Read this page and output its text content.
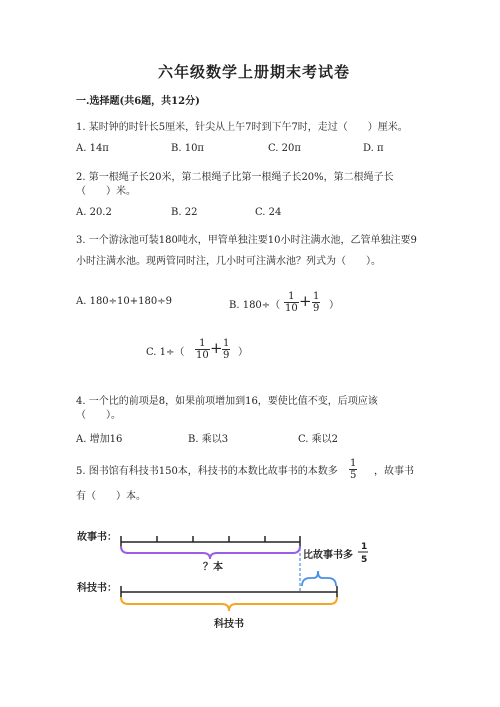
六年级数学上册期末考试卷
一.选择题(共6题，共12分)
1. 某时钟的时针长5厘米，针尖从上午7时到下午7时，走过（　　）厘米。
A. 14π	B. 10π	C. 20π	D. π
2. 第一根绳子长20米，第二根绳子比第一根绳子长20%，第二根绳子长
（　　）米。
A. 20.2	B. 22	C. 24
3. 一个游泳池可装180吨水，甲管单独注要10小时注满水池，乙管单独注要9
小时注满水池。现两管同时注，几小时可注满水池？列式为（　　）。
A. 180÷10+180÷9	B. $180\div( \frac{1}{10} + \frac{1}{9}$ ）
C. $1\div( \frac{1}{10} + \frac{1}{9}$ ）
4. 一个比的前项是8，如果前项增加到16，要使比值不变，后项应该
（　　）。
A. 增加16	B. 乘以3	C. 乘以2
5. 图书馆有科技书150本，科技书的本数比故事书的本数多 $\frac{1}{5}$ ，故事书
有（　　）本。
故事书：
科技书：
？本
比故事书多
1
5
科技书
